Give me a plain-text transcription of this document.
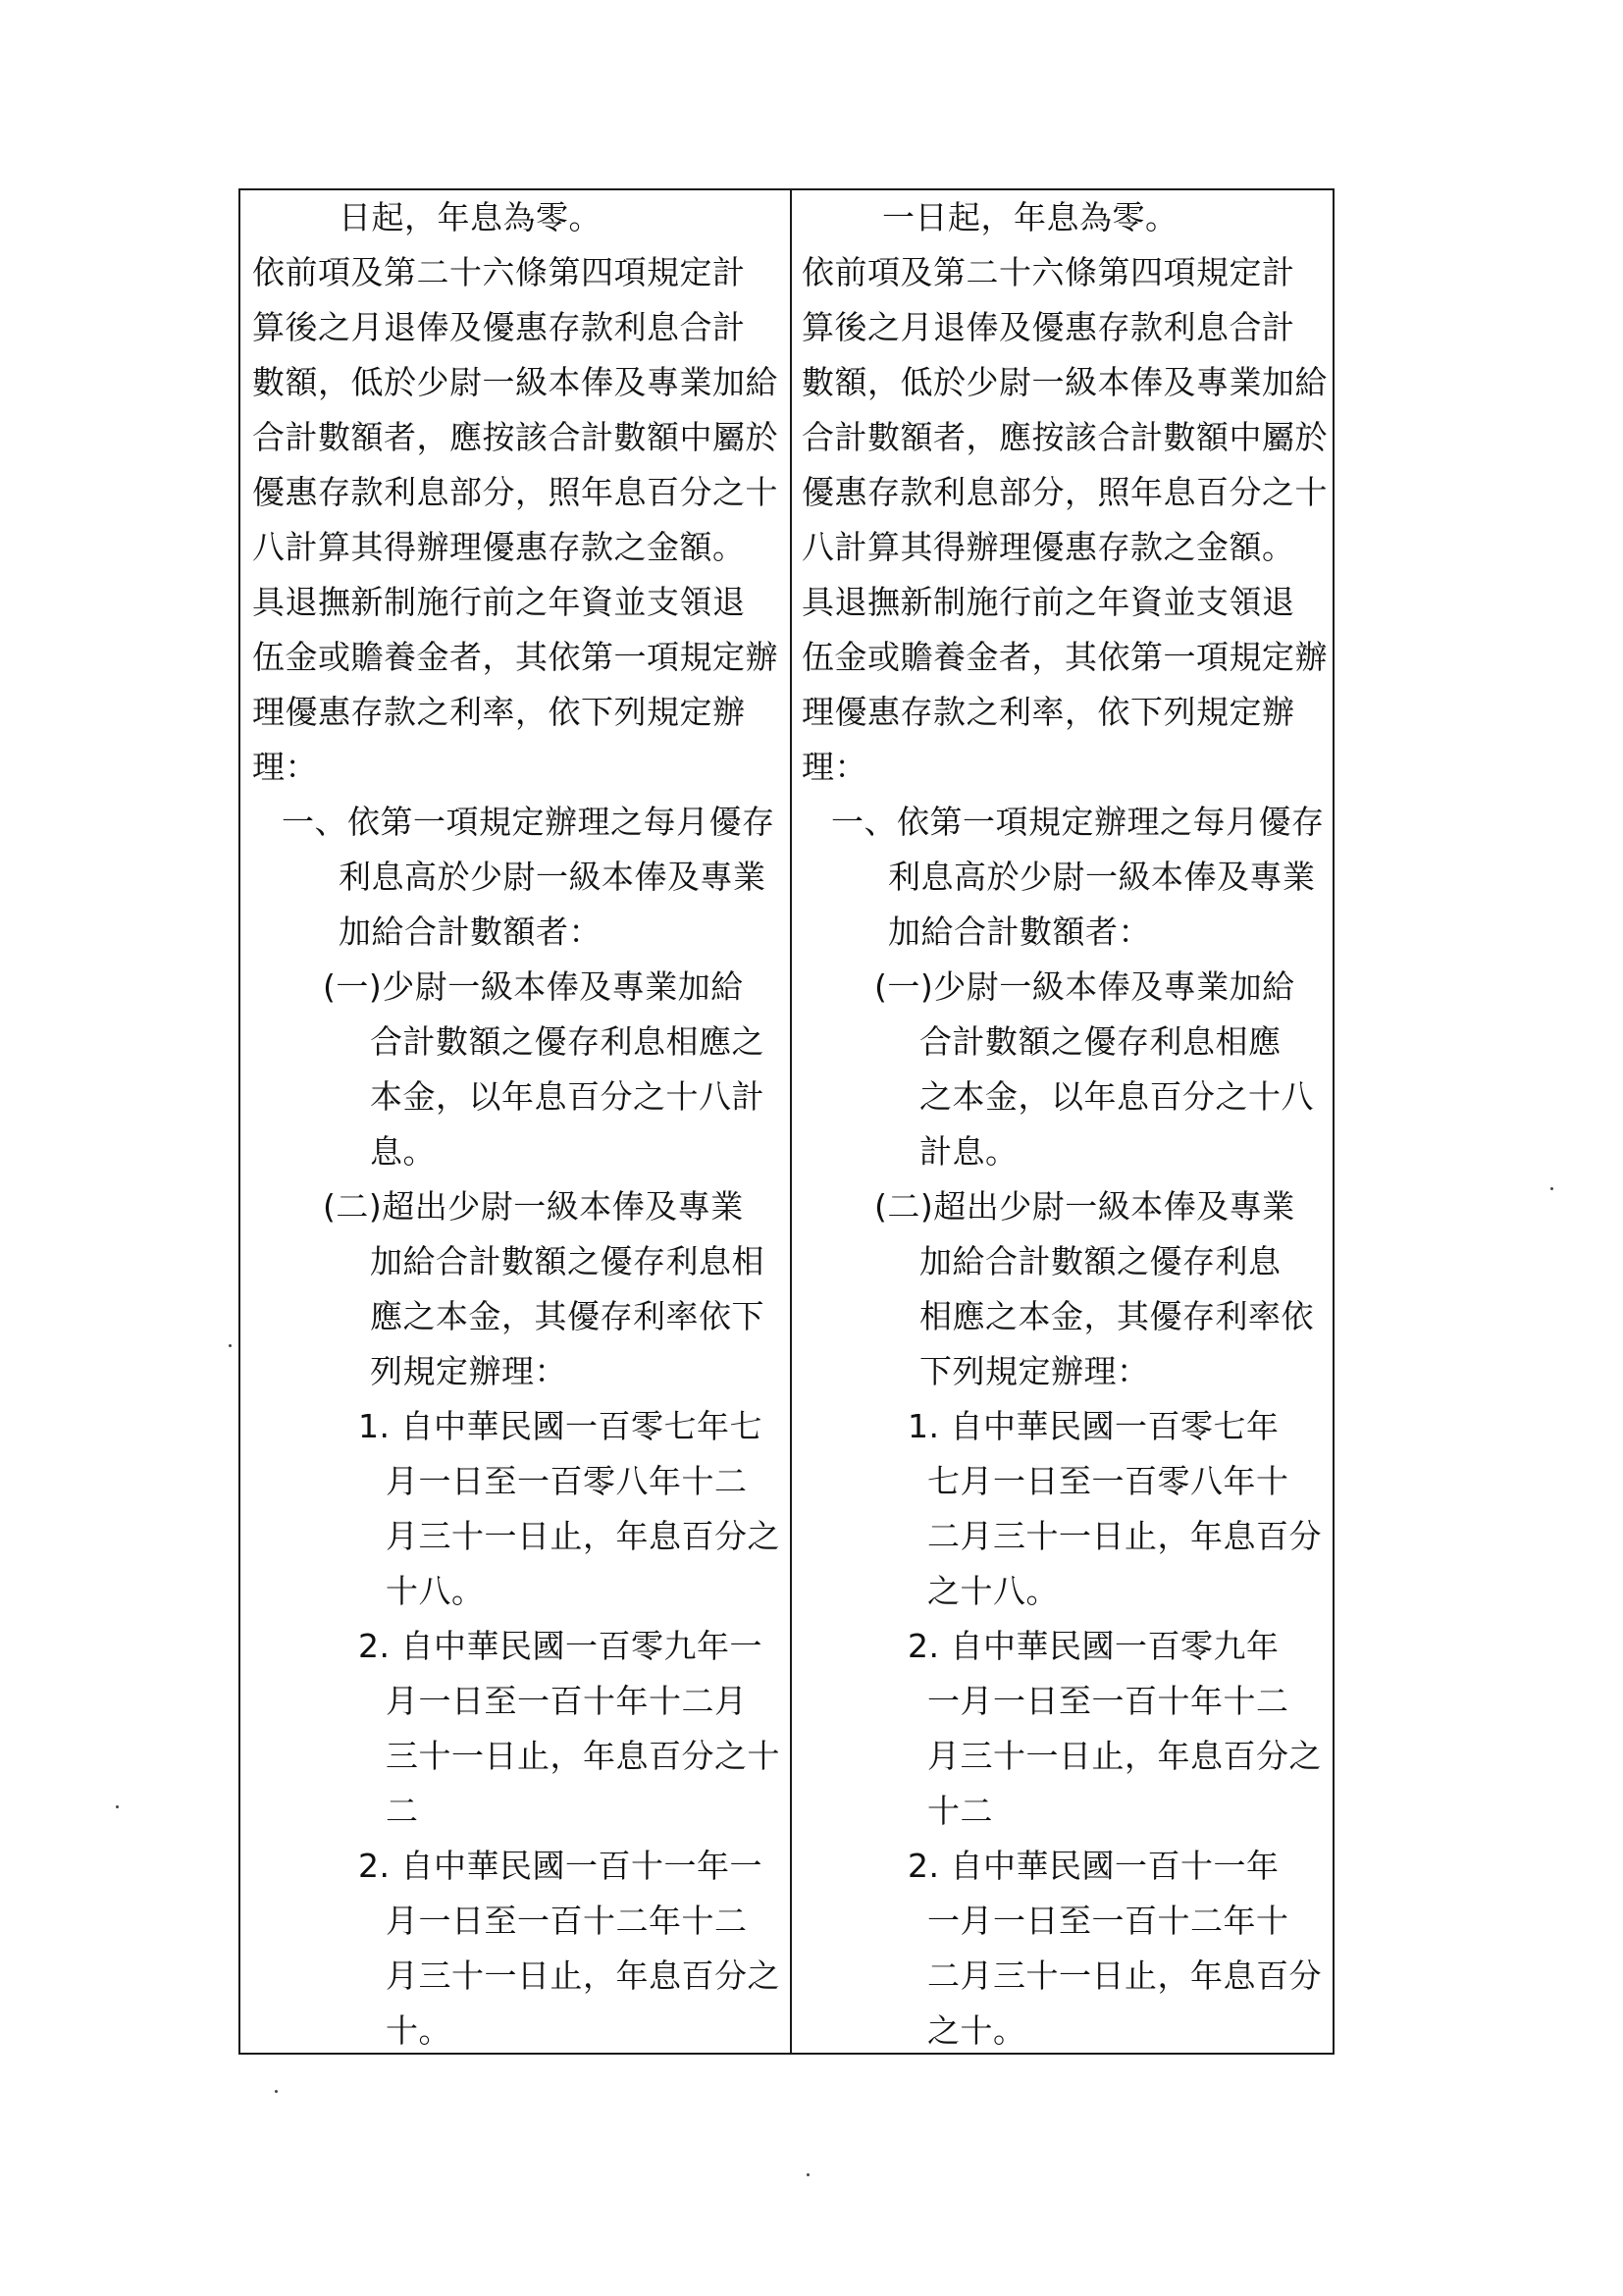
日起，年息為零。
依前項及第二十六條第四項規定計
算後之月退俸及優惠存款利息合計
數額，低於少尉一級本俸及專業加給
合計數額者，應按該合計數額中屬於
優惠存款利息部分，照年息百分之十
八計算其得辦理優惠存款之金額。
具退撫新制施行前之年資並支領退
伍金或贍養金者，其依第一項規定辦
理優惠存款之利率，依下列規定辦
理：
一、依第一項規定辦理之每月優存
利息高於少尉一級本俸及專業
加給合計數額者：
(一)少尉一級本俸及專業加給
合計數額之優存利息相應之
本金，以年息百分之十八計
息。
(二)超出少尉一級本俸及專業
加給合計數額之優存利息相
應之本金，其優存利率依下
列規定辦理：
1. 自中華民國一百零七年七
月一日至一百零八年十二
月三十一日止，年息百分之
十八。
2. 自中華民國一百零九年一
月一日至一百十年十二月
三十一日止，年息百分之十
二
2. 自中華民國一百十一年一
月一日至一百十二年十二
月三十一日止，年息百分之
十。
一日起，年息為零。
依前項及第二十六條第四項規定計
算後之月退俸及優惠存款利息合計
數額，低於少尉一級本俸及專業加給
合計數額者，應按該合計數額中屬於
優惠存款利息部分，照年息百分之十
八計算其得辦理優惠存款之金額。
具退撫新制施行前之年資並支領退
伍金或贍養金者，其依第一項規定辦
理優惠存款之利率，依下列規定辦
理：
一、依第一項規定辦理之每月優存
利息高於少尉一級本俸及專業
加給合計數額者：
(一)少尉一級本俸及專業加給
合計數額之優存利息相應
之本金，以年息百分之十八
計息。
(二)超出少尉一級本俸及專業
加給合計數額之優存利息
相應之本金，其優存利率依
下列規定辦理：
1. 自中華民國一百零七年
七月一日至一百零八年十
二月三十一日止，年息百分
之十八。
2. 自中華民國一百零九年
一月一日至一百十年十二
月三十一日止，年息百分之
十二
2. 自中華民國一百十一年
一月一日至一百十二年十
二月三十一日止，年息百分
之十。
